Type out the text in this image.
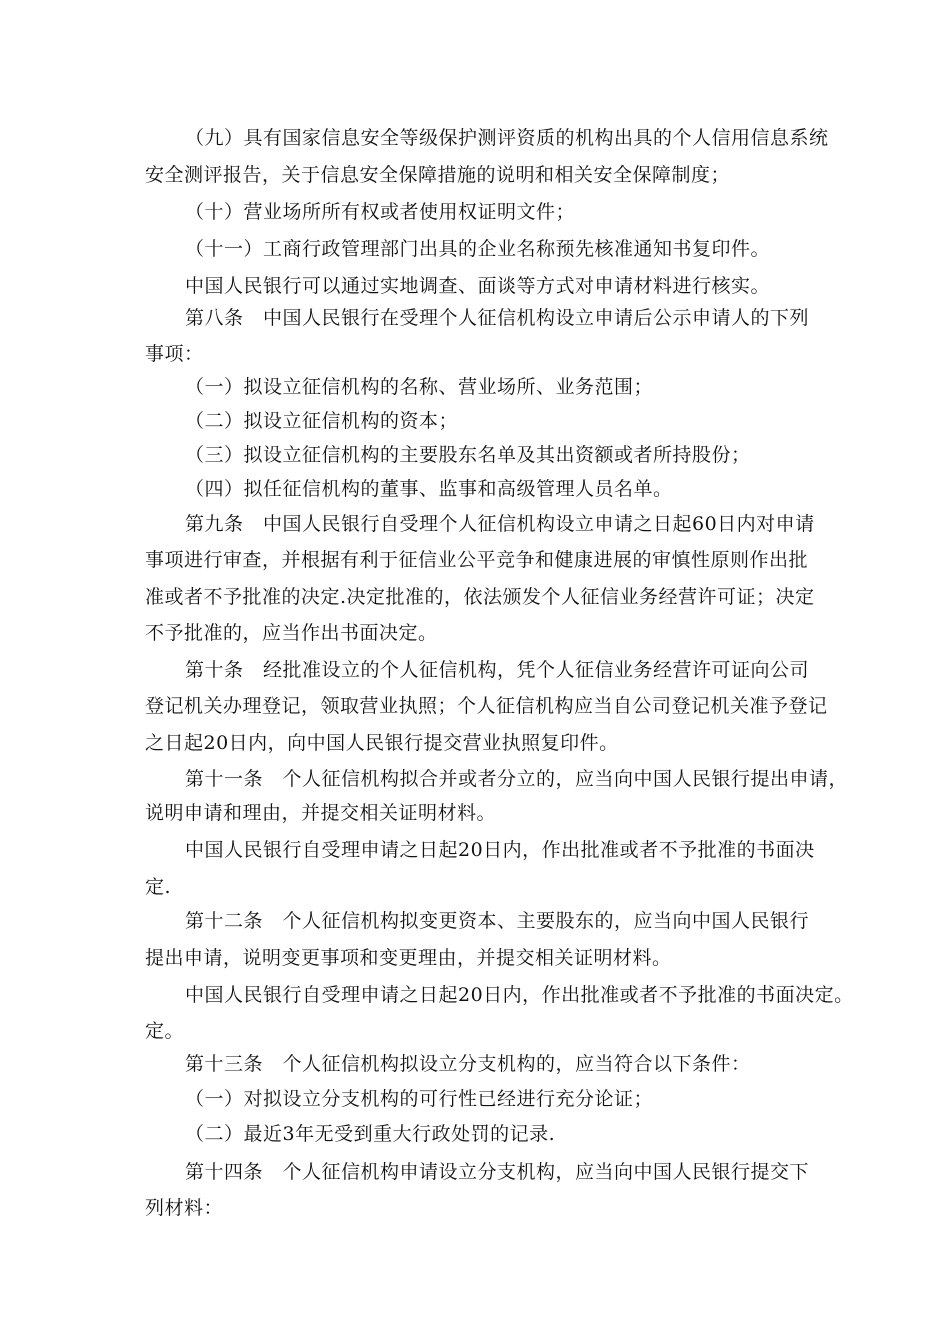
（九）具有国家信息安全等级保护测评资质的机构出具的个人信用信息系统
安全测评报告，关于信息安全保障措施的说明和相关安全保障制度；
（十）营业场所所有权或者使用权证明文件；
（十一）工商行政管理部门出具的企业名称预先核准通知书复印件。
中国人民银行可以通过实地调查、面谈等方式对申请材料进行核实。
第八条　中国人民银行在受理个人征信机构设立申请后公示申请人的下列
事项：
（一）拟设立征信机构的名称、营业场所、业务范围；
（二）拟设立征信机构的资本；
（三）拟设立征信机构的主要股东名单及其出资额或者所持股份；
（四）拟任征信机构的董事、监事和高级管理人员名单。
第九条　中国人民银行自受理个人征信机构设立申请之日起60日内对申请
事项进行审查，并根据有利于征信业公平竞争和健康进展的审慎性原则作出批
准或者不予批准的决定.决定批准的，依法颁发个人征信业务经营许可证；决定
不予批准的，应当作出书面决定。
第十条　经批准设立的个人征信机构，凭个人征信业务经营许可证向公司
登记机关办理登记，领取营业执照；个人征信机构应当自公司登记机关准予登记
之日起20日内，向中国人民银行提交营业执照复印件。
第十一条　个人征信机构拟合并或者分立的，应当向中国人民银行提出申请，
说明申请和理由，并提交相关证明材料。
中国人民银行自受理申请之日起20日内，作出批准或者不予批准的书面决
定.
第十二条　个人征信机构拟变更资本、主要股东的，应当向中国人民银行
提出申请，说明变更事项和变更理由，并提交相关证明材料。
中国人民银行自受理申请之日起20日内，作出批准或者不予批准的书面决定。
定。
第十三条　个人征信机构拟设立分支机构的，应当符合以下条件：
（一）对拟设立分支机构的可行性已经进行充分论证；
（二）最近3年无受到重大行政处罚的记录.
第十四条　个人征信机构申请设立分支机构，应当向中国人民银行提交下
列材料：
